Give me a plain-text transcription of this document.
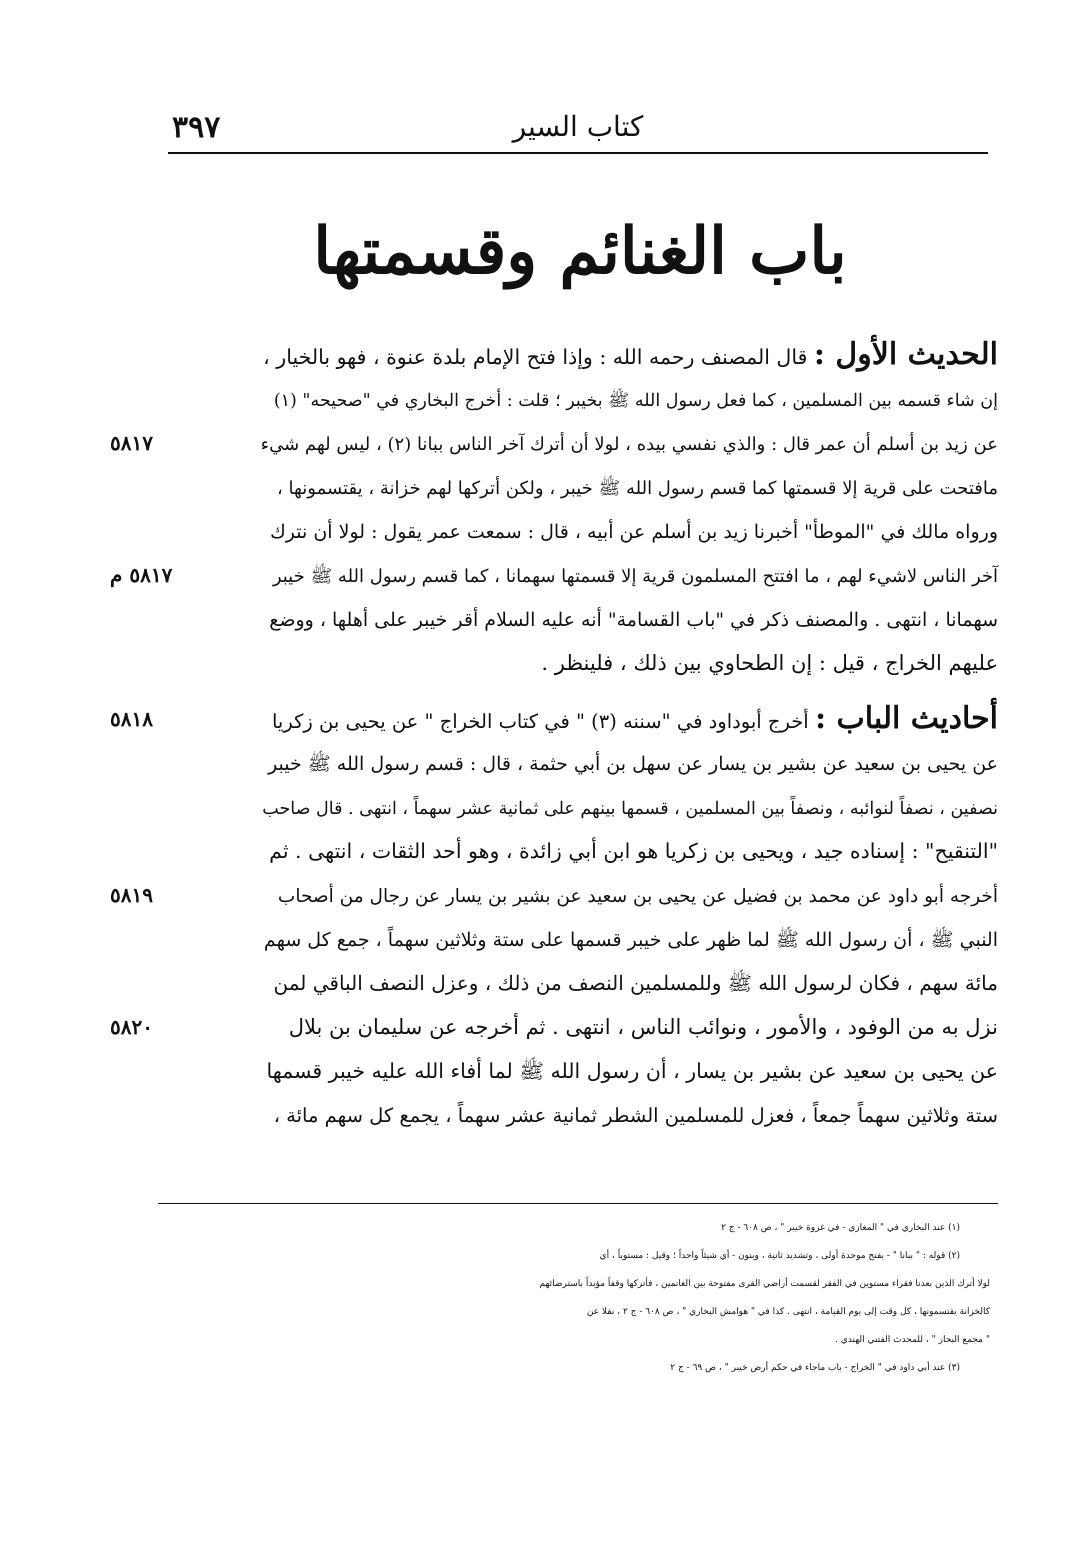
٣٩٧	كتاب السير
باب الغنائم وقسمتها
الحديث الأول : قال المصنف رحمه الله : وإذا فتح الإمام بلدة عنوة ، فهو بالخيار ،
إن شاء قسمه بين المسلمين ، كما فعل رسول الله ﷺ بخيبر ؛ قلت : أخرج البخاري في "صحيحه" (١)
عن زيد بن أسلم أن عمر قال : والذي نفسي بيده ، لولا أن أترك آخر الناس ببانا (٢) ، ليس لهم شيء
٥٨١٧
مافتحت على قرية إلا قسمتها كما قسم رسول الله ﷺ خيبر ، ولكن أتركها لهم خزانة ، يقتسمونها ،
ورواه مالك في "الموطأ" أخبرنا زيد بن أسلم عن أبيه ، قال : سمعت عمر يقول : لولا أن نترك
آخر الناس لاشيء لهم ، ما افتتح المسلمون قرية إلا قسمتها سهمانا ، كما قسم رسول الله ﷺ خيبر
٥٨١٧ م
سهمانا ، انتهى . والمصنف ذكر في "باب القسامة" أنه عليه السلام أقر خيبر على أهلها ، ووضع
عليهم الخراج ، قيل : إن الطحاوي بين ذلك ، فلينظر .
أحاديث الباب : أخرج أبوداود في "سننه (٣) " في كتاب الخراج " عن يحيى بن زكريا
٥٨١٨
عن يحيى بن سعيد عن بشير بن يسار عن سهل بن أبي حثمة ، قال : قسم رسول الله ﷺ خيبر
نصفين ، نصفاً لنوائبه ، ونصفاً بين المسلمين ، قسمها بينهم على ثمانية عشر سهماً ، انتهى . قال صاحب
"التنقيح" : إسناده جيد ، ويحيى بن زكريا هو ابن أبي زائدة ، وهو أحد الثقات ، انتهى . ثم
أخرجه أبو داود عن محمد بن فضيل عن يحيى بن سعيد عن بشير بن يسار عن رجال من أصحاب
٥٨١٩
النبي ﷺ ، أن رسول الله ﷺ لما ظهر على خيبر قسمها على ستة وثلاثين سهماً ، جمع كل سهم
مائة سهم ، فكان لرسول الله ﷺ وللمسلمين النصف من ذلك ، وعزل النصف الباقي لمن
نزل به من الوفود ، والأمور ، ونوائب الناس ، انتهى . ثم أخرجه عن سليمان بن بلال
٥٨٢٠
عن يحيى بن سعيد عن بشير بن يسار ، أن رسول الله ﷺ لما أفاء الله عليه خيبر قسمها
ستة وثلاثين سهماً جمعاً ، فعزل للمسلمين الشطر ثمانية عشر سهماً ، يجمع كل سهم مائة ،
(١) عند البخاري في " المغازي - في غزوة خيبر " ، ص ٦٠٨ - ج ٢
(٢) قوله : " ببانا " - بفتح موحدة أولى ، وتشديد ثانية ، وبنون - أي شيئاً واحداً ؛ وقيل : مستوياً ، أي
لولا أترك الذين بعدنا فقراء مستوين في الفقر لقسمت أراضي القرى مفتوحة بين الغانمين ، فأتركها وقفاً مؤبداً باسترضائهم
كالخزانة يقتسمونها ، كل وقت إلى يوم القيامة ، انتهى . كذا في " هوامش البخاري " ، ص ٦٠٨ - ج ٢ ، نقلا عن
" مجمع البحار " ، للمحدث الفتني الهندي .
(٣) عند أبي داود في " الخراج - باب ماجاء في حكم أرض خيبر " ، ص ٦٩ - ج ٢
